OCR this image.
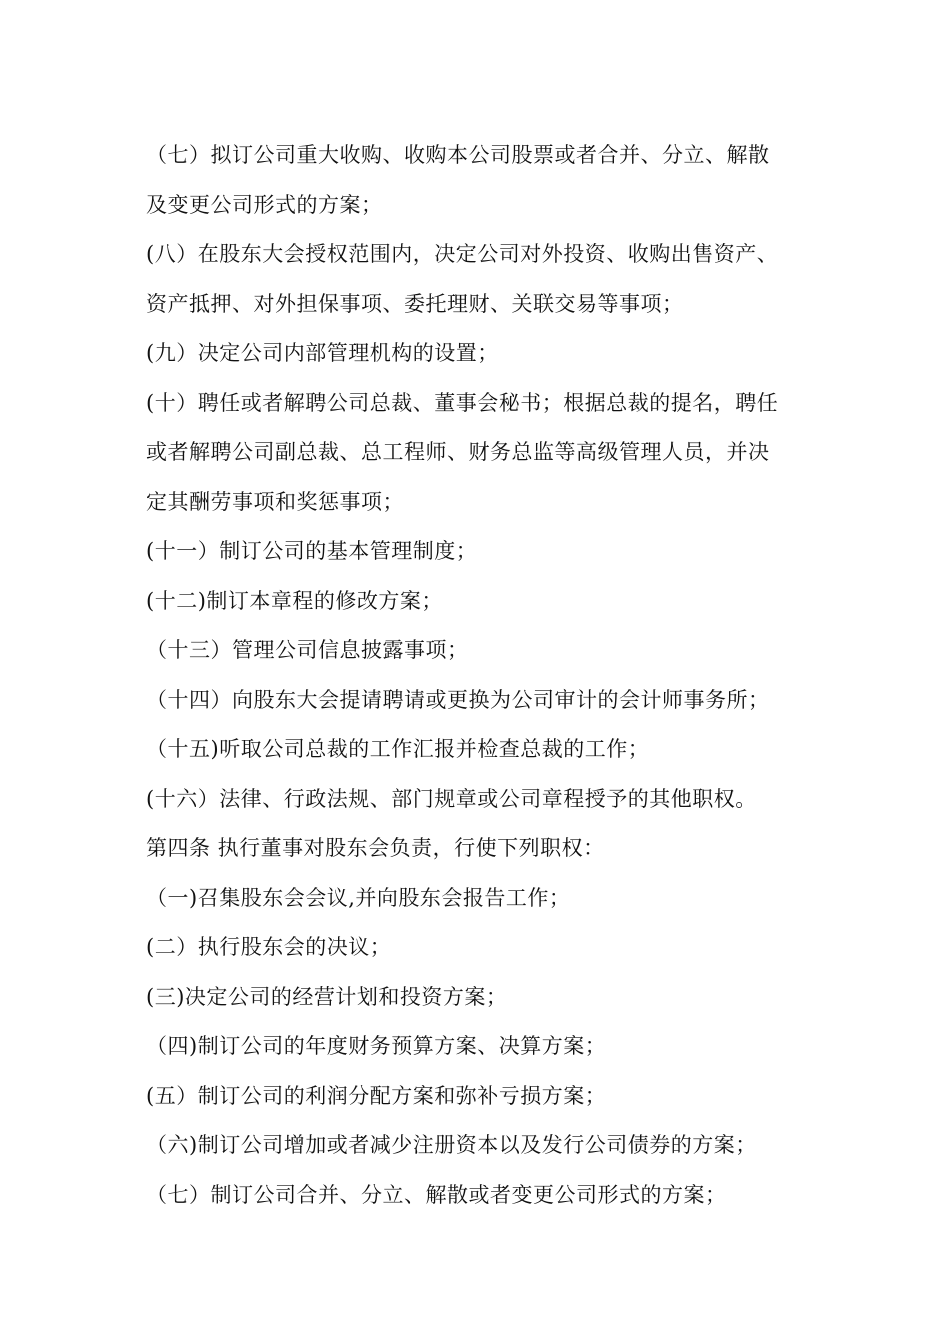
（七）拟订公司重大收购、收购本公司股票或者合并、分立、解散
及变更公司形式的方案；
(八）在股东大会授权范围内，决定公司对外投资、收购出售资产、
资产抵押、对外担保事项、委托理财、关联交易等事项；
(九）决定公司内部管理机构的设置；
(十）聘任或者解聘公司总裁、董事会秘书；根据总裁的提名，聘任
或者解聘公司副总裁、总工程师、财务总监等高级管理人员，并决
定其酬劳事项和奖惩事项；
(十一）制订公司的基本管理制度；
(十二)制订本章程的修改方案；
（十三）管理公司信息披露事项；
（十四）向股东大会提请聘请或更换为公司审计的会计师事务所；
（十五)听取公司总裁的工作汇报并检查总裁的工作；
(十六）法律、行政法规、部门规章或公司章程授予的其他职权。
第四条 执行董事对股东会负责，行使下列职权：
（一)召集股东会会议,并向股东会报告工作；
(二）执行股东会的决议；
(三)决定公司的经营计划和投资方案；
（四)制订公司的年度财务预算方案、决算方案；
(五）制订公司的利润分配方案和弥补亏损方案；
（六)制订公司增加或者减少注册资本以及发行公司债券的方案；
（七）制订公司合并、分立、解散或者变更公司形式的方案；
